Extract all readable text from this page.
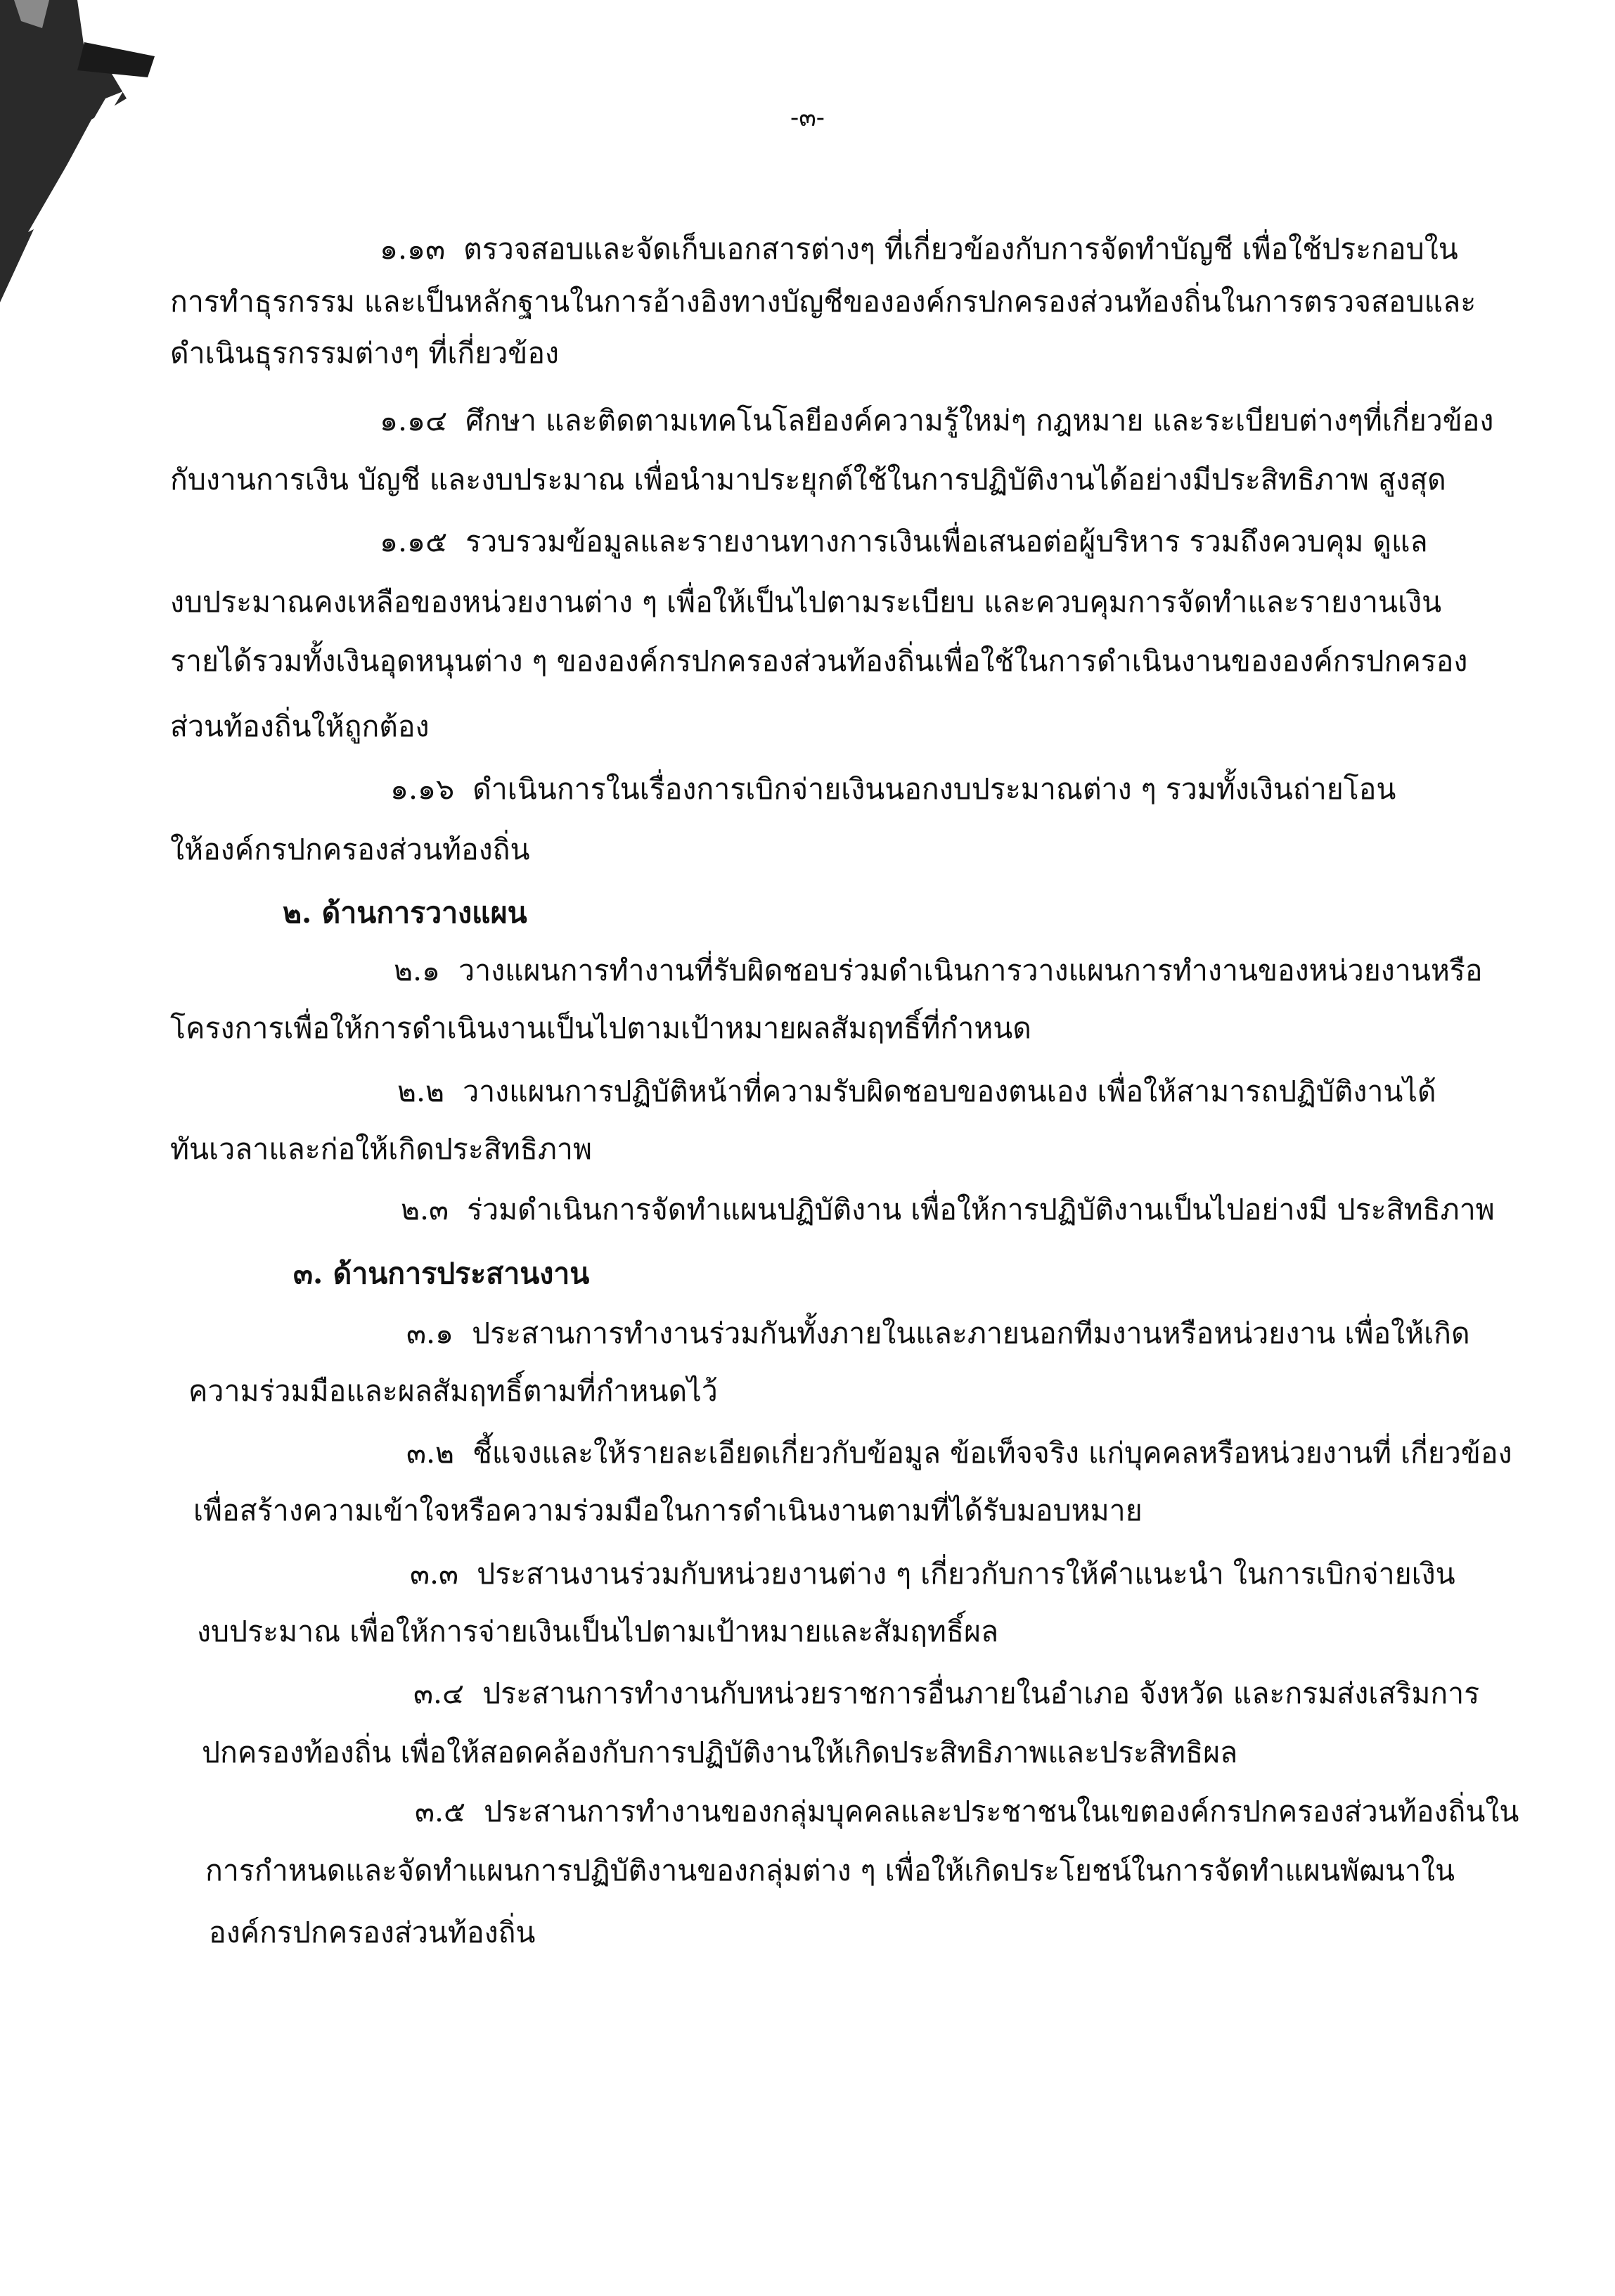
-๓-
๑.๑๓ ตรวจสอบและจัดเก็บเอกสารต่างๆ ที่เกี่ยวข้องกับการจัดทำบัญชี เพื่อใช้ประกอบใน
การทำธุรกรรม และเป็นหลักฐานในการอ้างอิงทางบัญชีขององค์กรปกครองส่วนท้องถิ่นในการตรวจสอบและ
ดำเนินธุรกรรมต่างๆ ที่เกี่ยวข้อง
๑.๑๔ ศึกษา และติดตามเทคโนโลยีองค์ความรู้ใหม่ๆ กฎหมาย และระเบียบต่างๆที่เกี่ยวข้อง
กับงานการเงิน บัญชี และงบประมาณ เพื่อนำมาประยุกต์ใช้ในการปฏิบัติงานได้อย่างมีประสิทธิภาพ สูงสุด
๑.๑๕ รวบรวมข้อมูลและรายงานทางการเงินเพื่อเสนอต่อผู้บริหาร รวมถึงควบคุม ดูแล
งบประมาณคงเหลือของหน่วยงานต่าง ๆ เพื่อให้เป็นไปตามระเบียบ และควบคุมการจัดทำและรายงานเงิน
รายได้รวมทั้งเงินอุดหนุนต่าง ๆ ขององค์กรปกครองส่วนท้องถิ่นเพื่อใช้ในการดำเนินงานขององค์กรปกครอง
ส่วนท้องถิ่นให้ถูกต้อง
๑.๑๖ ดำเนินการในเรื่องการเบิกจ่ายเงินนอกงบประมาณต่าง ๆ รวมทั้งเงินถ่ายโอน
ให้องค์กรปกครองส่วนท้องถิ่น
๒. ด้านการวางแผน
๒.๑ วางแผนการทำงานที่รับผิดชอบร่วมดำเนินการวางแผนการทำงานของหน่วยงานหรือ
โครงการเพื่อให้การดำเนินงานเป็นไปตามเป้าหมายผลสัมฤทธิ์ที่กำหนด
๒.๒ วางแผนการปฏิบัติหน้าที่ความรับผิดชอบของตนเอง เพื่อให้สามารถปฏิบัติงานได้
ทันเวลาและก่อให้เกิดประสิทธิภาพ
๒.๓ ร่วมดำเนินการจัดทำแผนปฏิบัติงาน เพื่อให้การปฏิบัติงานเป็นไปอย่างมี ประสิทธิภาพ
๓. ด้านการประสานงาน
๓.๑ ประสานการทำงานร่วมกันทั้งภายในและภายนอกทีมงานหรือหน่วยงาน เพื่อให้เกิด
ความร่วมมือและผลสัมฤทธิ์ตามที่กำหนดไว้
๓.๒ ชี้แจงและให้รายละเอียดเกี่ยวกับข้อมูล ข้อเท็จจริง แก่บุคคลหรือหน่วยงานที่ เกี่ยวข้อง
เพื่อสร้างความเข้าใจหรือความร่วมมือในการดำเนินงานตามที่ได้รับมอบหมาย
๓.๓ ประสานงานร่วมกับหน่วยงานต่าง ๆ เกี่ยวกับการให้คำแนะนำ ในการเบิกจ่ายเงิน
งบประมาณ เพื่อให้การจ่ายเงินเป็นไปตามเป้าหมายและสัมฤทธิ์ผล
๓.๔ ประสานการทำงานกับหน่วยราชการอื่นภายในอำเภอ จังหวัด และกรมส่งเสริมการ
ปกครองท้องถิ่น เพื่อให้สอดคล้องกับการปฏิบัติงานให้เกิดประสิทธิภาพและประสิทธิผล
๓.๕ ประสานการทำงานของกลุ่มบุคคลและประชาชนในเขตองค์กรปกครองส่วนท้องถิ่นใน
การกำหนดและจัดทำแผนการปฏิบัติงานของกลุ่มต่าง ๆ เพื่อให้เกิดประโยชน์ในการจัดทำแผนพัฒนาใน
องค์กรปกครองส่วนท้องถิ่น
